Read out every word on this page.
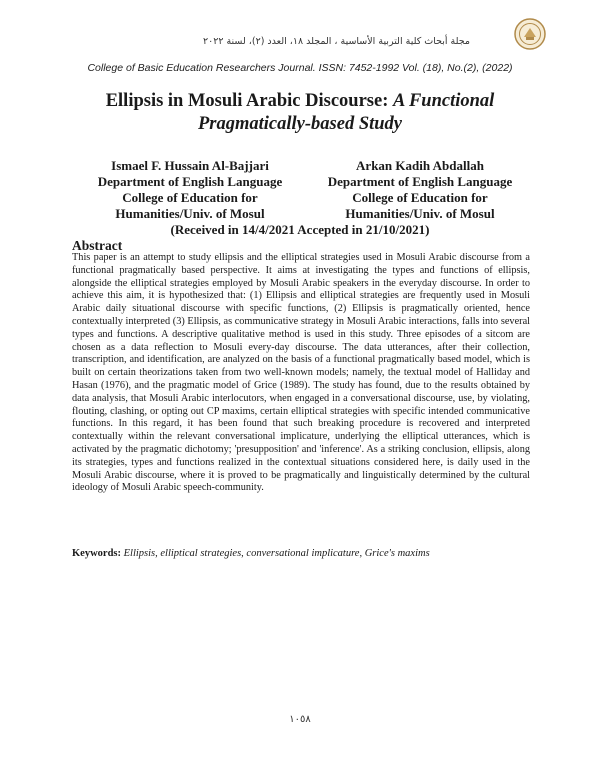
مجلة أبحاث كلية التربية الأساسية ، المجلد ١٨، العدد (٢)، لسنة ٢٠٢٢
College of Basic Education Researchers Journal. ISSN: 7452-1992 Vol. (18), No.(2), (2022)
Ellipsis in Mosuli Arabic Discourse: A Functional
Pragmatically-based Study
Ismael F. Hussain Al-Bajjari
Department of English Language
College of Education for
Humanities/Univ. of Mosul
Arkan Kadih Abdallah
Department of English Language
College of Education for
Humanities/Univ. of Mosul
(Received in 14/4/2021 Accepted in 21/10/2021)
Abstract
This paper is an attempt to study ellipsis and the elliptical strategies used in Mosuli Arabic discourse from a functional pragmatically based perspective. It aims at investigating the types and functions of ellipsis, alongside the elliptical strategies employed by Mosuli Arabic speakers in the everyday discourse. In order to achieve this aim, it is hypothesized that: (1) Ellipsis and elliptical strategies are frequently used in Mosuli Arabic daily situational discourse with specific functions, (2) Ellipsis is pragmatically oriented, hence contextually interpreted (3) Ellipsis, as communicative strategy in Mosuli Arabic interactions, falls into several types and functions. A descriptive qualitative method is used in this study. Three episodes of a sitcom are chosen as a data reflection to Mosuli every-day discourse. The data utterances, after their collection, transcription, and identification, are analyzed on the basis of a functional pragmatically based model, which is built on certain theorizations taken from two well-known models; namely, the textual model of Halliday and Hasan (1976), and the pragmatic model of Grice (1989). The study has found, due to the results obtained by data analysis, that Mosuli Arabic interlocutors, when engaged in a conversational discourse, use, by violating, flouting, clashing, or opting out CP maxims, certain elliptical strategies with specific intended communicative functions. In this regard, it has been found that such breaking procedure is recovered and interpreted contextually within the relevant conversational implicature, underlying the elliptical utterances, which is activated by the pragmatic dichotomy; 'presupposition' and 'inference'. As a striking conclusion, ellipsis, along its strategies, types and functions realized in the contextual situations considered here, is daily used in the Mosuli Arabic discourse, where it is proved to be pragmatically and linguistically determined by the cultural ideology of Mosuli Arabic speech-community.
Keywords: Ellipsis, elliptical strategies, conversational implicature, Grice's maxims
١٠٥٨
